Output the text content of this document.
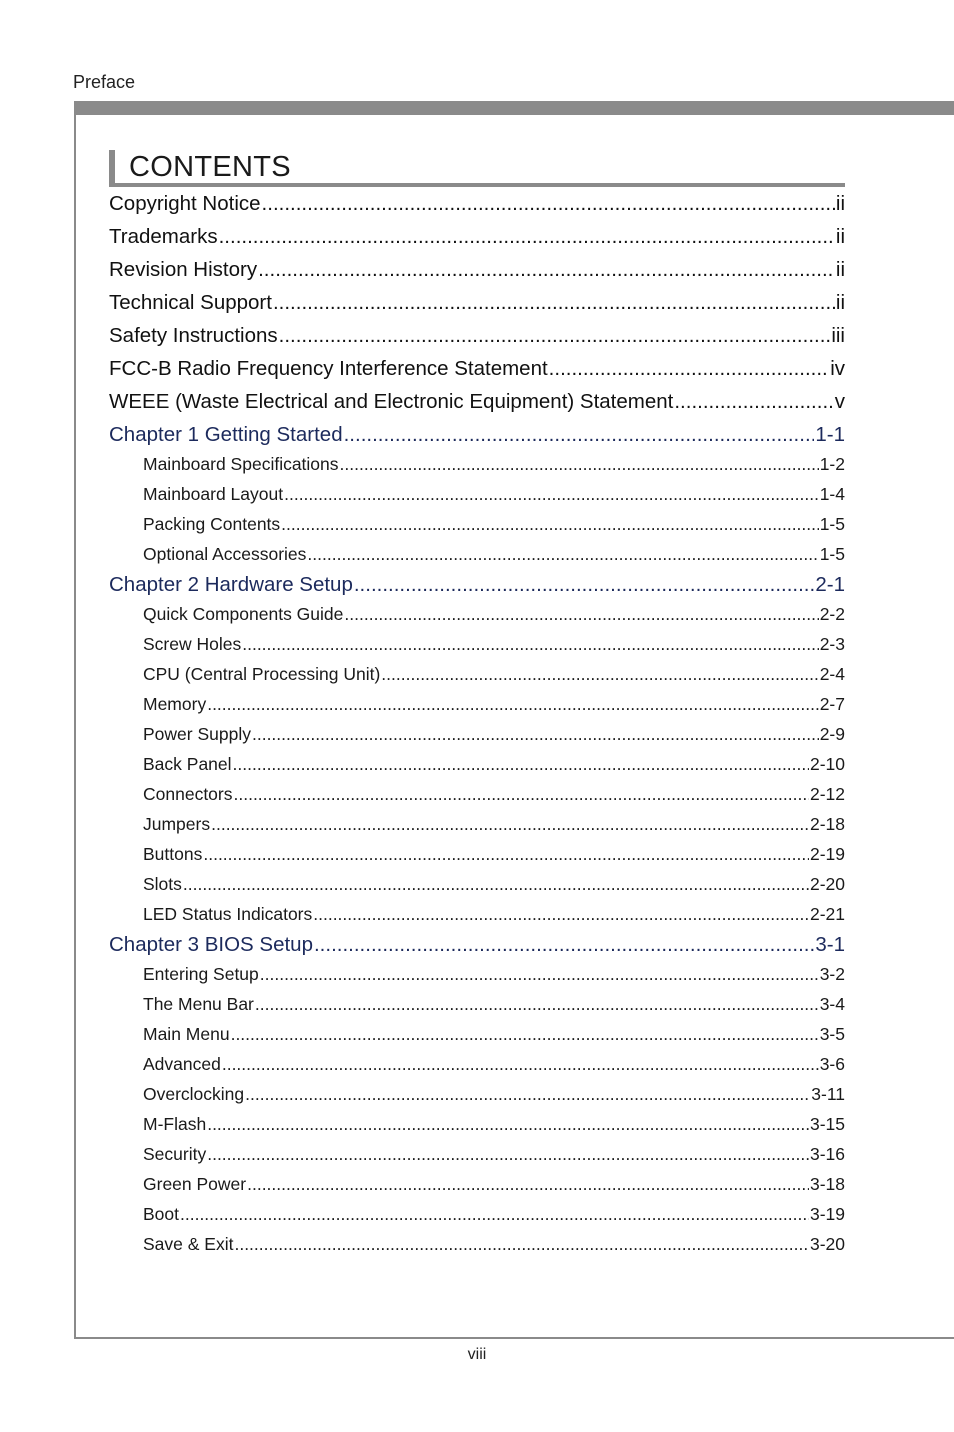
Preface
CONTENTS
Copyright Notice .....	ii
Trademarks .....	ii
Revision History .....	ii
Technical Support .....	ii
Safety Instructions .....	iii
FCC-B Radio Frequency Interference Statement .....	iv
WEEE (Waste Electrical and Electronic Equipment) Statement .....	v
Chapter 1 Getting Started .....	1-1
Mainboard Specifications .....	1-2
Mainboard Layout .....	1-4
Packing Contents .....	1-5
Optional Accessories .....	1-5
Chapter 2 Hardware Setup .....	2-1
Quick Components Guide .....	2-2
Screw Holes .....	2-3
CPU (Central Processing Unit) .....	2-4
Memory .....	2-7
Power Supply .....	2-9
Back Panel .....	2-10
Connectors .....	2-12
Jumpers .....	2-18
Buttons .....	2-19
Slots .....	2-20
LED Status Indicators .....	2-21
Chapter 3 BIOS Setup .....	3-1
Entering Setup .....	3-2
The Menu Bar .....	3-4
Main Menu .....	3-5
Advanced .....	3-6
Overclocking .....	3-11
M-Flash .....	3-15
Security .....	3-16
Green Power .....	3-18
Boot .....	3-19
Save & Exit .....	3-20
viii
